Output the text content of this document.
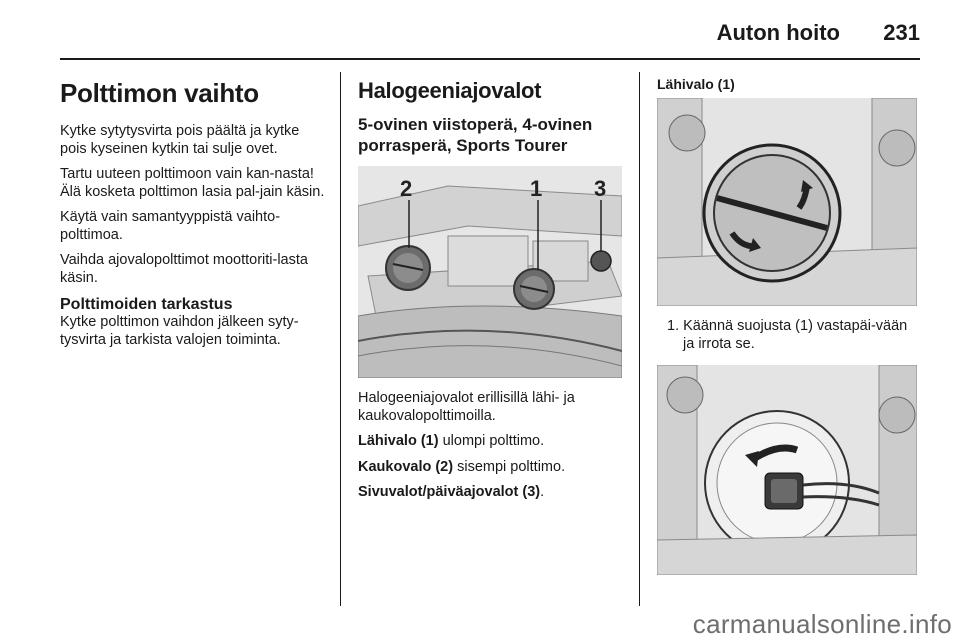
Auton hoito 231
Polttimon vaihto

Kytke sytytysvirta pois päältä ja kytke pois kyseinen kytkin tai sulje ovet.

Tartu uuteen polttimoon vain kan-nasta! Älä kosketa polttimon lasia pal-jain käsin.

Käytä vain samantyyppistä vaihto-polttimoa.

Vaihda ajovalopolttimot moottoriti-lasta käsin.

Polttimoiden tarkastus

Kytke polttimon vaihdon jälkeen syty-tysvirta ja tarkista valojen toiminta.

Halogeeniajovalot
5-ovinen viistoperä, 4-ovinen porrasperä, Sports Tourer
2	1 3

Halogeeniajovalot erillisillä lähi- ja kaukovalopolttimoilla.

Lähivalo (1) ulompi polttimo.

Kaukovalo (2) sisempi polttimo.

Sivuvalot/päiväajovalot (3).

Lähivalo (1)
1. Käännä suojusta (1) vastapäi-vään ja irrota se.
carmanualsonline.info
